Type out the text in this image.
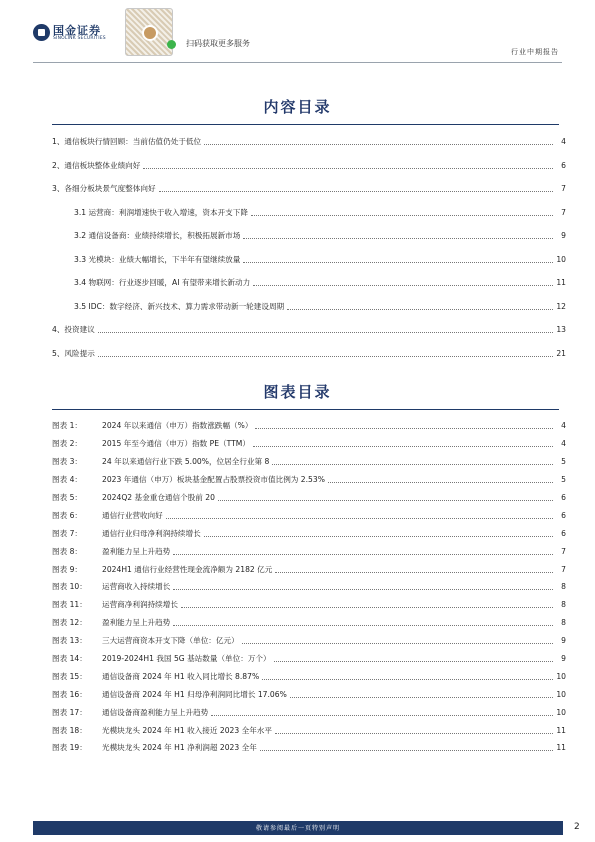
国金证券
SINOLINK SECURITIES
扫码获取更多服务
行业中期报告
内容目录
1、通信板块行情回顾：当前估值仍处于低位	4
2、通信板块整体业绩向好	6
3、各细分板块景气度整体向好	7
3.1 运营商：利润增速快于收入增速，资本开支下降	7
3.2 通信设备商：业绩持续增长，积极拓展新市场	9
3.3 光模块：业绩大幅增长，下半年有望继续放量	10
3.4 物联网：行业逐步回暖，AI 有望带来增长新动力	11
3.5 IDC：数字经济、新兴技术、算力需求带动新一轮建设周期	12
4、投资建议	13
5、风险提示	21
图表目录
图表 1：	2024 年以来通信（申万）指数涨跌幅（%）	4
图表 2：	2015 年至今通信（申万）指数 PE（TTM）	4
图表 3：	24 年以来通信行业下跌 5.00%，位居全行业第 8	5
图表 4：	2023 年通信（申万）板块基金配置占股票投资市值比例为 2.53%	5
图表 5：	2024Q2 基金重仓通信个股前 20	6
图表 6：	通信行业营收向好	6
图表 7：	通信行业归母净利润持续增长	6
图表 8：	盈利能力呈上升趋势	7
图表 9：	2024H1 通信行业经营性现金流净额为 2182 亿元	7
图表 10：	运营商收入持续增长	8
图表 11：	运营商净利润持续增长	8
图表 12：	盈利能力呈上升趋势	8
图表 13：	三大运营商资本开支下降（单位：亿元）	9
图表 14：	2019-2024H1 我国 5G 基站数量（单位：万个）	9
图表 15：	通信设备商 2024 年 H1 收入同比增长 8.87%	10
图表 16：	通信设备商 2024 年 H1 归母净利润同比增长 17.06%	10
图表 17：	通信设备商盈利能力呈上升趋势	10
图表 18：	光模块龙头 2024 年 H1 收入接近 2023 全年水平	11
图表 19：	光模块龙头 2024 年 H1 净利润超 2023 全年	11
敬请参阅最后一页特别声明	2
